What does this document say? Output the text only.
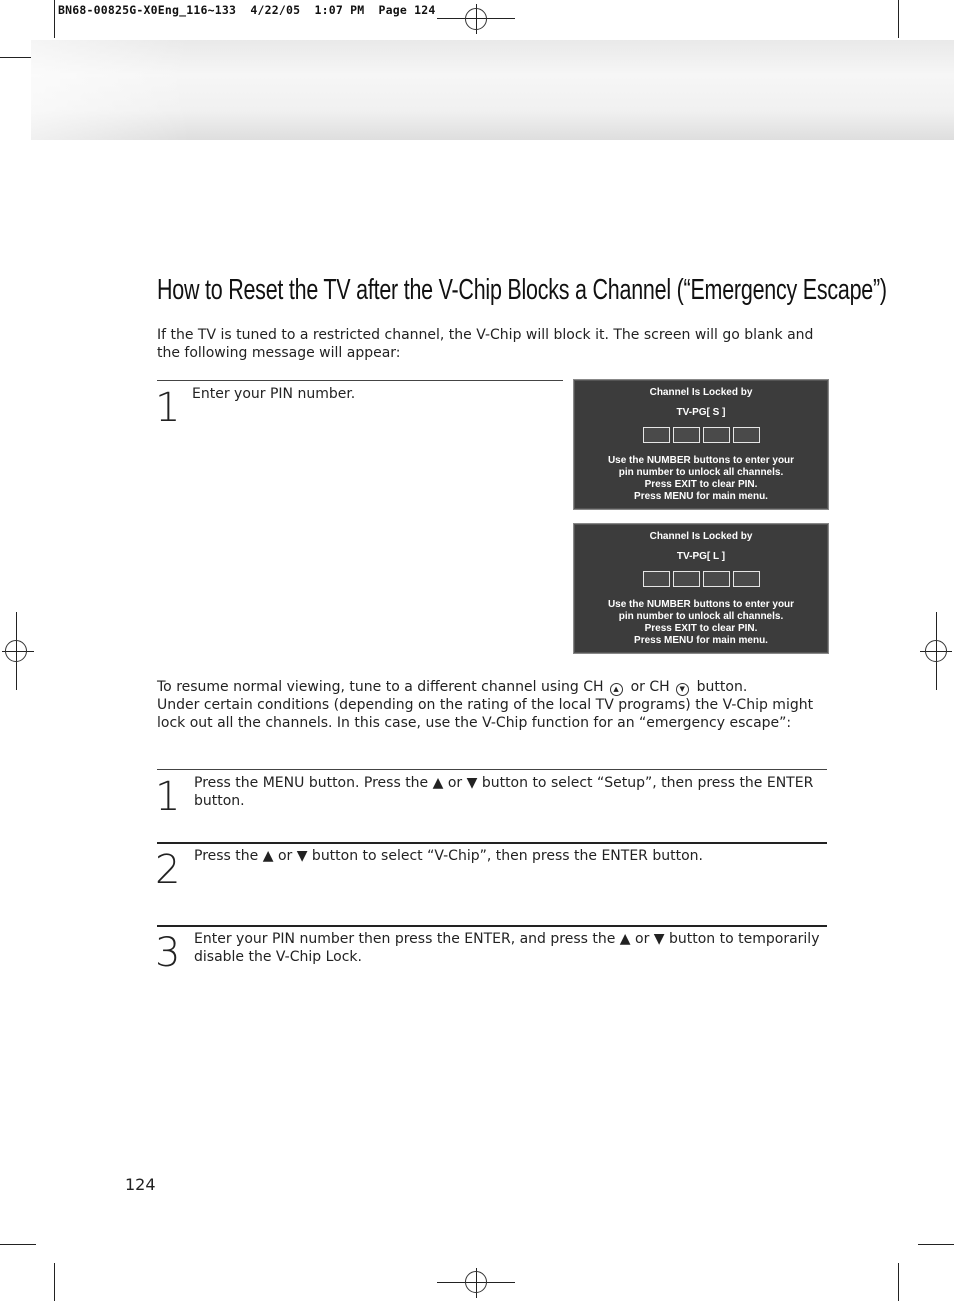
BN68-00825G-X0Eng_116~133  4/22/05  1:07 PM  Page 124
How to Reset the TV after the V-Chip Blocks a Channel (“Emergency Escape”)
If the TV is tuned to a restricted channel, the V-Chip will block it. The screen will go blank and the following message will appear:
1 Enter your PIN number.	Channel Is Locked by
TV-PG[ S ]
Use the NUMBER buttons to enter your
pin number to unlock all channels.
Press EXIT to clear PIN.
Press MENU for main menu.
Channel Is Locked by
TV-PG[ L ]
Use the NUMBER buttons to enter your
pin number to unlock all channels.
Press EXIT to clear PIN.
Press MENU for main menu.
To resume normal viewing, tune to a different channel using CH ▲ or CH ▼ button.
Under certain conditions (depending on the rating of the local TV programs) the V-Chip might lock out all the channels. In this case, use the V-Chip function for an “emergency escape”:
1 Press the MENU button. Press the ▲ or ▼ button to select “Setup”, then press the ENTER button.
2 Press the ▲ or ▼ button to select “V-Chip”, then press the ENTER button.
3 Enter your PIN number then press the ENTER, and press the ▲ or ▼ button to temporarily disable the V-Chip Lock.
124
